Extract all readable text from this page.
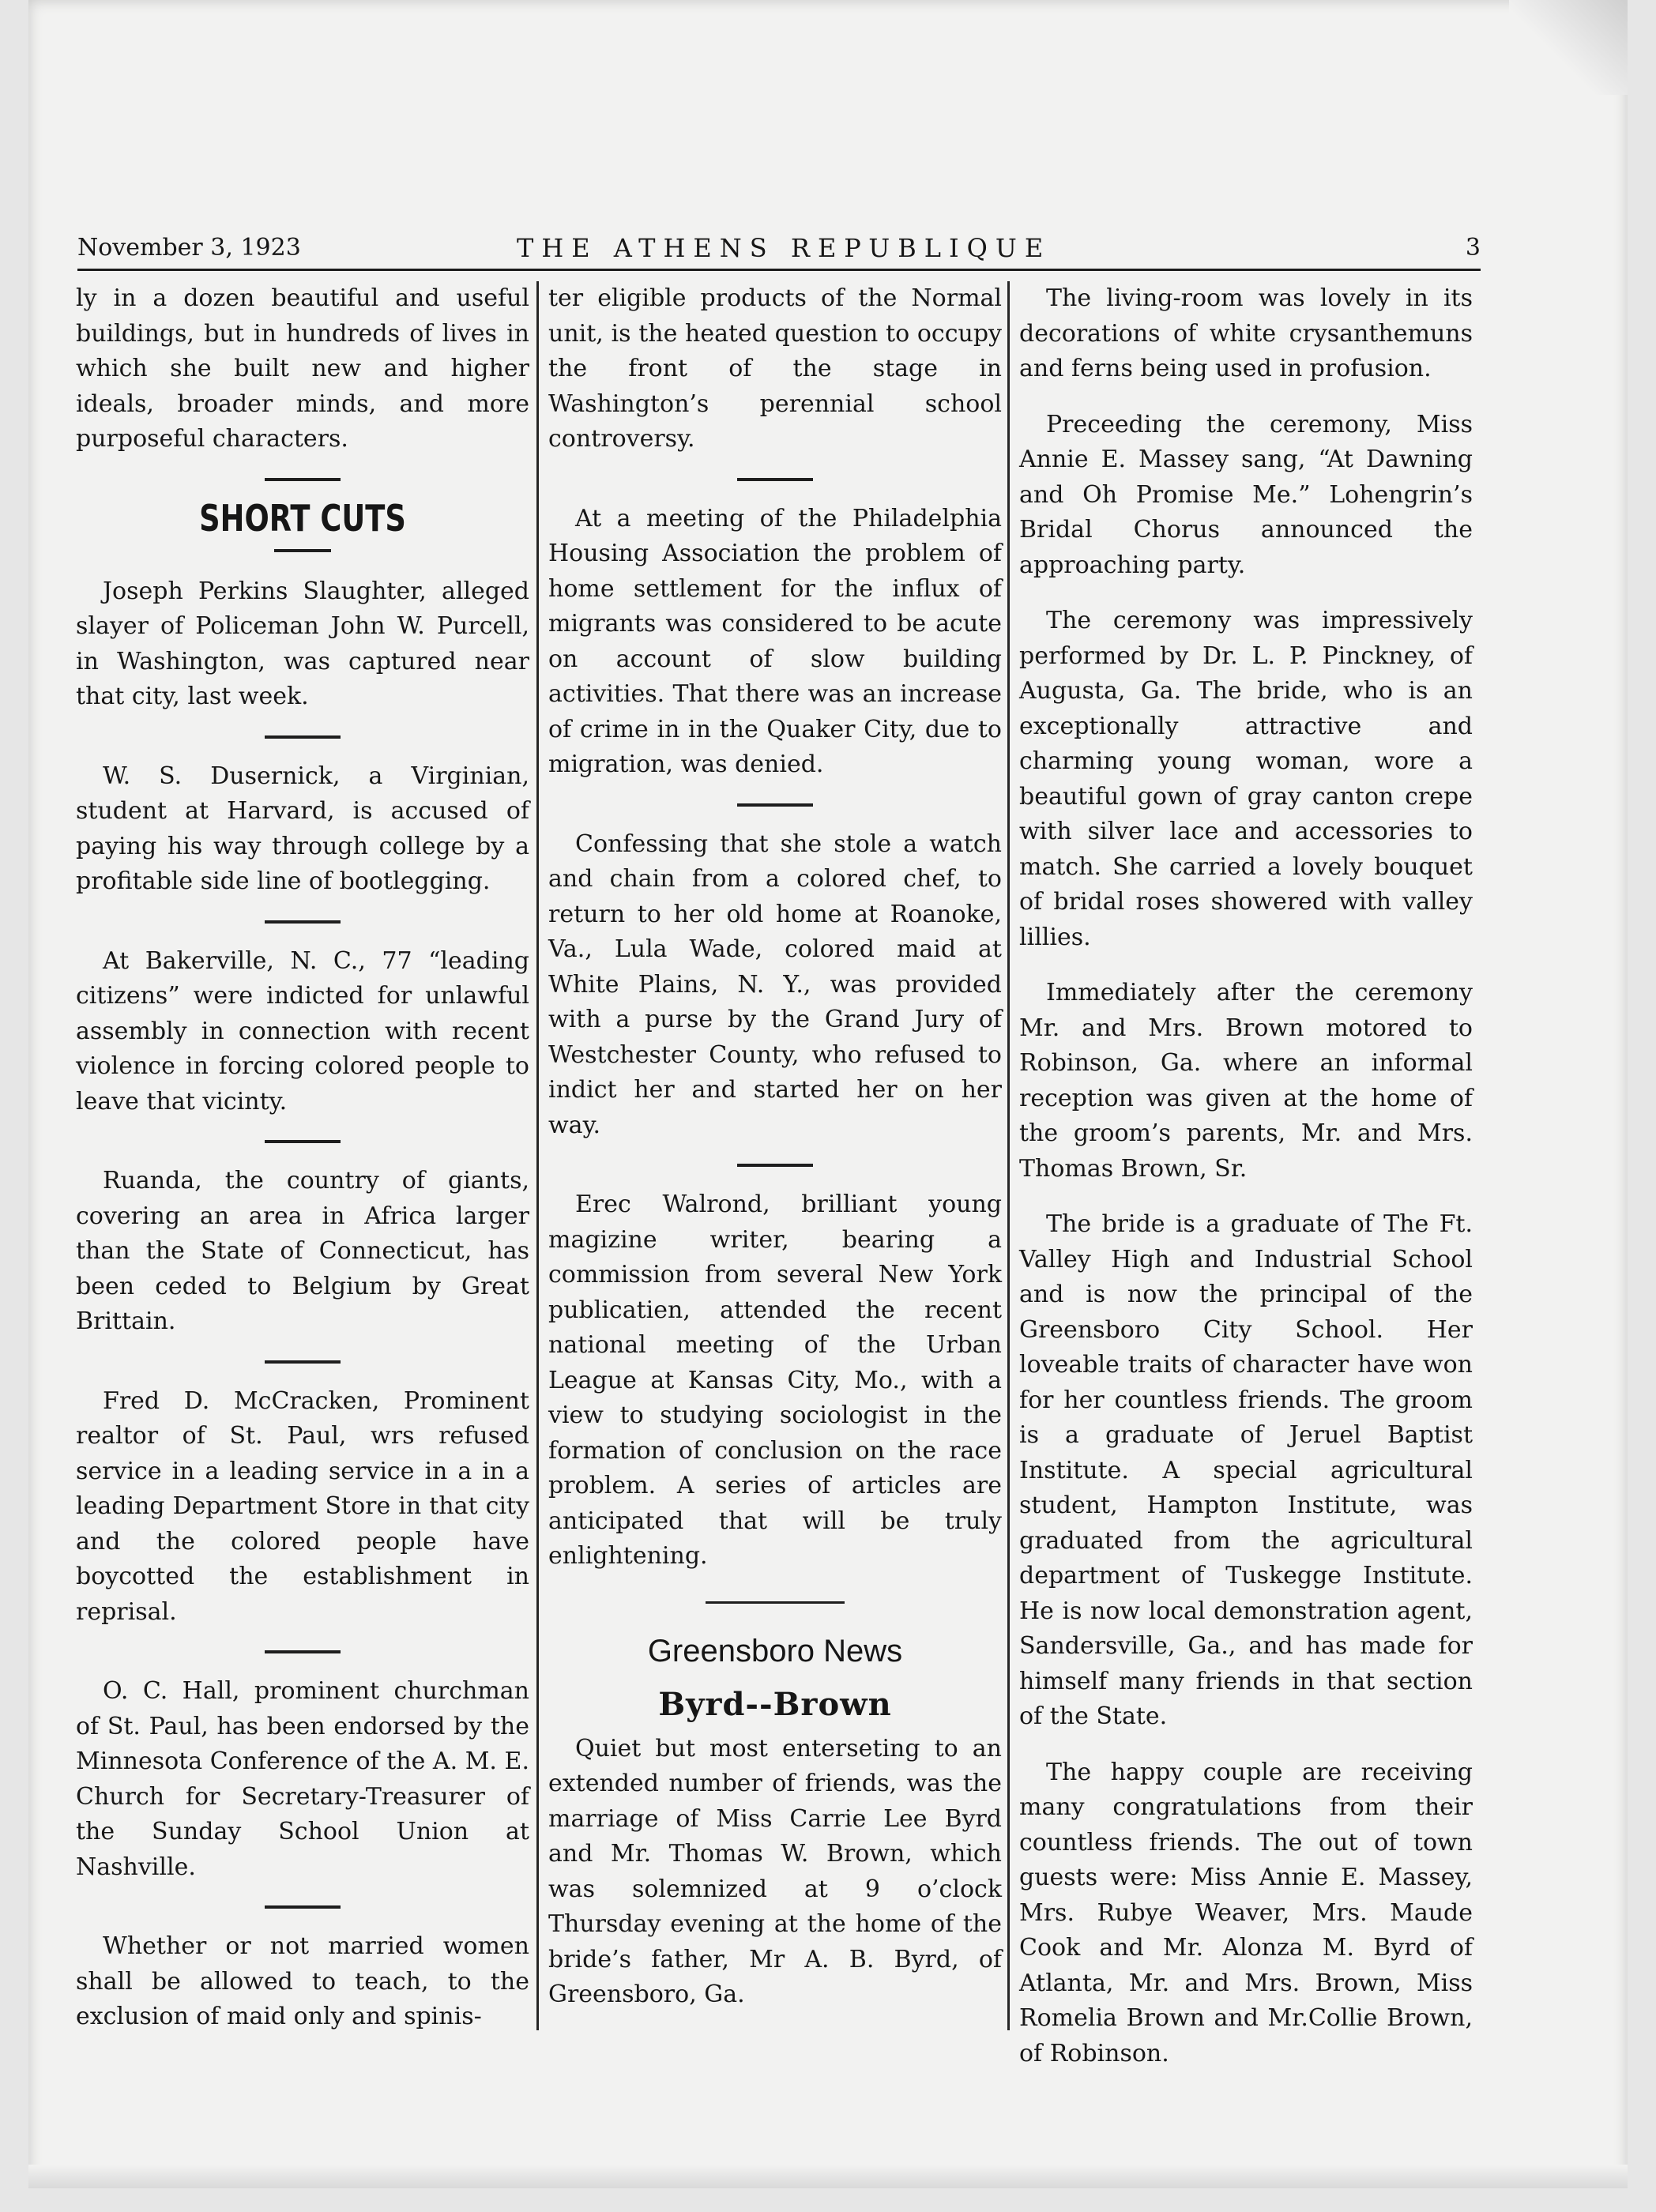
November 3, 1923	THE ATHENS REPUBLIQUE	3

ly in a dozen beautiful and useful buildings, but in hundreds of lives in which she built new and higher ideals, broader minds, and more purposeful characters.

SHORT CUTS

Joseph Perkins Slaughter, alleged slayer of Policeman John W. Purcell, in Washington, was captured near that city, last week.

W. S. Dusernick, a Virginian, student at Harvard, is accused of paying his way through college by a profitable side line of bootlegging.

At Bakerville, N. C., 77 “leading citizens” were indicted for unlawful assembly in connection with recent violence in forcing colored people to leave that vicinty.

Ruanda, the country of giants, covering an area in Africa larger than the State of Connecticut, has been ceded to Belgium by Great Brittain.

Fred D. McCracken, Prominent realtor of St. Paul, wrs refused service in a leading service in a in a leading Department Store in that city and the colored people have boycotted the establishment in reprisal.

O. C. Hall, prominent churchman of St. Paul, has been endorsed by the Minnesota Conference of the A. M. E. Church for Secretary-Treasurer of the Sunday School Union at Nashville.

Whether or not married women shall be allowed to teach, to the exclusion of maid only and spinis-

ter eligible products of the Normal unit, is the heated question to occupy the front of the stage in Washington’s perennial school controversy.

At a meeting of the Philadelphia Housing Association the problem of home settlement for the influx of migrants was considered to be acute on account of slow building activities. That there was an increase of crime in in the Quaker City, due to migration, was denied.

Confessing that she stole a watch and chain from a colored chef, to return to her old home at Roanoke, Va., Lula Wade, colored maid at White Plains, N. Y., was provided with a purse by the Grand Jury of Westchester County, who refused to indict her and started her on her way.

Erec Walrond, brilliant young magizine writer, bearing a commission from several New York publicatien, attended the recent national meeting of the Urban League at Kansas City, Mo., with a view to studying sociologist in the formation of conclusion on the race problem. A series of articles are anticipated that will be truly enlightening.

Greensboro News
Byrd--Brown

Quiet but most enterseting to an extended number of friends, was the marriage of Miss Carrie Lee Byrd and Mr. Thomas W. Brown, which was solemnized at 9 o’clock Thursday evening at the home of the bride’s father, Mr A. B. Byrd, of Greensboro, Ga.

The living-room was lovely in its decorations of white crysanthemuns and ferns being used in profusion.

Preceeding the ceremony, Miss Annie E. Massey sang, “At Dawning and Oh Promise Me.” Lohengrin’s Bridal Chorus announced the approaching party.

The ceremony was impressively performed by Dr. L. P. Pinckney, of Augusta, Ga. The bride, who is an exceptionally attractive and charming young woman, wore a beautiful gown of gray canton crepe with silver lace and accessories to match. She carried a lovely bouquet of bridal roses showered with valley lillies.

Immediately after the ceremony Mr. and Mrs. Brown motored to Robinson, Ga. where an informal reception was given at the home of the groom’s parents, Mr. and Mrs. Thomas Brown, Sr.

The bride is a graduate of The Ft. Valley High and Industrial School and is now the principal of the Greensboro City School. Her loveable traits of character have won for her countless friends. The groom is a graduate of Jeruel Baptist Institute. A special agricultural student, Hampton Institute, was graduated from the agricultural department of Tuskegge Institute. He is now local demonstration agent, Sandersville, Ga., and has made for himself many friends in that section of the State.

The happy couple are receiving many congratulations from their countless friends. The out of town guests were: Miss Annie E. Massey, Mrs. Rubye Weaver, Mrs. Maude Cook and Mr. Alonza M. Byrd of Atlanta, Mr. and Mrs. Brown, Miss Romelia Brown and Mr.Collie Brown, of Robinson.
